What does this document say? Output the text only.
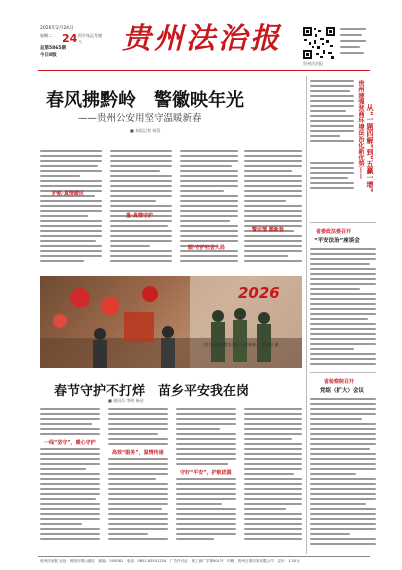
2026年2月24日
24
星期二	丙午年正月初八
总第5865期
今日8版
贵州法治报
贵州法治报
春风拂黔岭　警徽映年光
——贵州公安用坚守温暖新春
■ 本报记者 胡蓉
护航·真情暖民
重·真情守护
服·守护社会大局
警民情 暖新春
2026
图为执勤民警在岗位上迎新春。 通讯员 摄
春节守护不打烊　苗乡平安我在岗
■ 通讯员 李明 杨洁
一线“坚守”，暖心守护
高效“服务”，温情传递
守好“平安”，护航团圆
贵州建强营商环境法治化新优势—— 从“一题四解”到“五赢一增”
省委政法委召开
“平安法治”座谈会
省检察院召开
党组（扩大）会议
贵州法治报 社址：贵阳市观山湖区　邮编：550081　电话：0851-85551234　广告许可证：贵工商广字第001号　印刷：贵州日报印务有限公司　定价：1.50元
